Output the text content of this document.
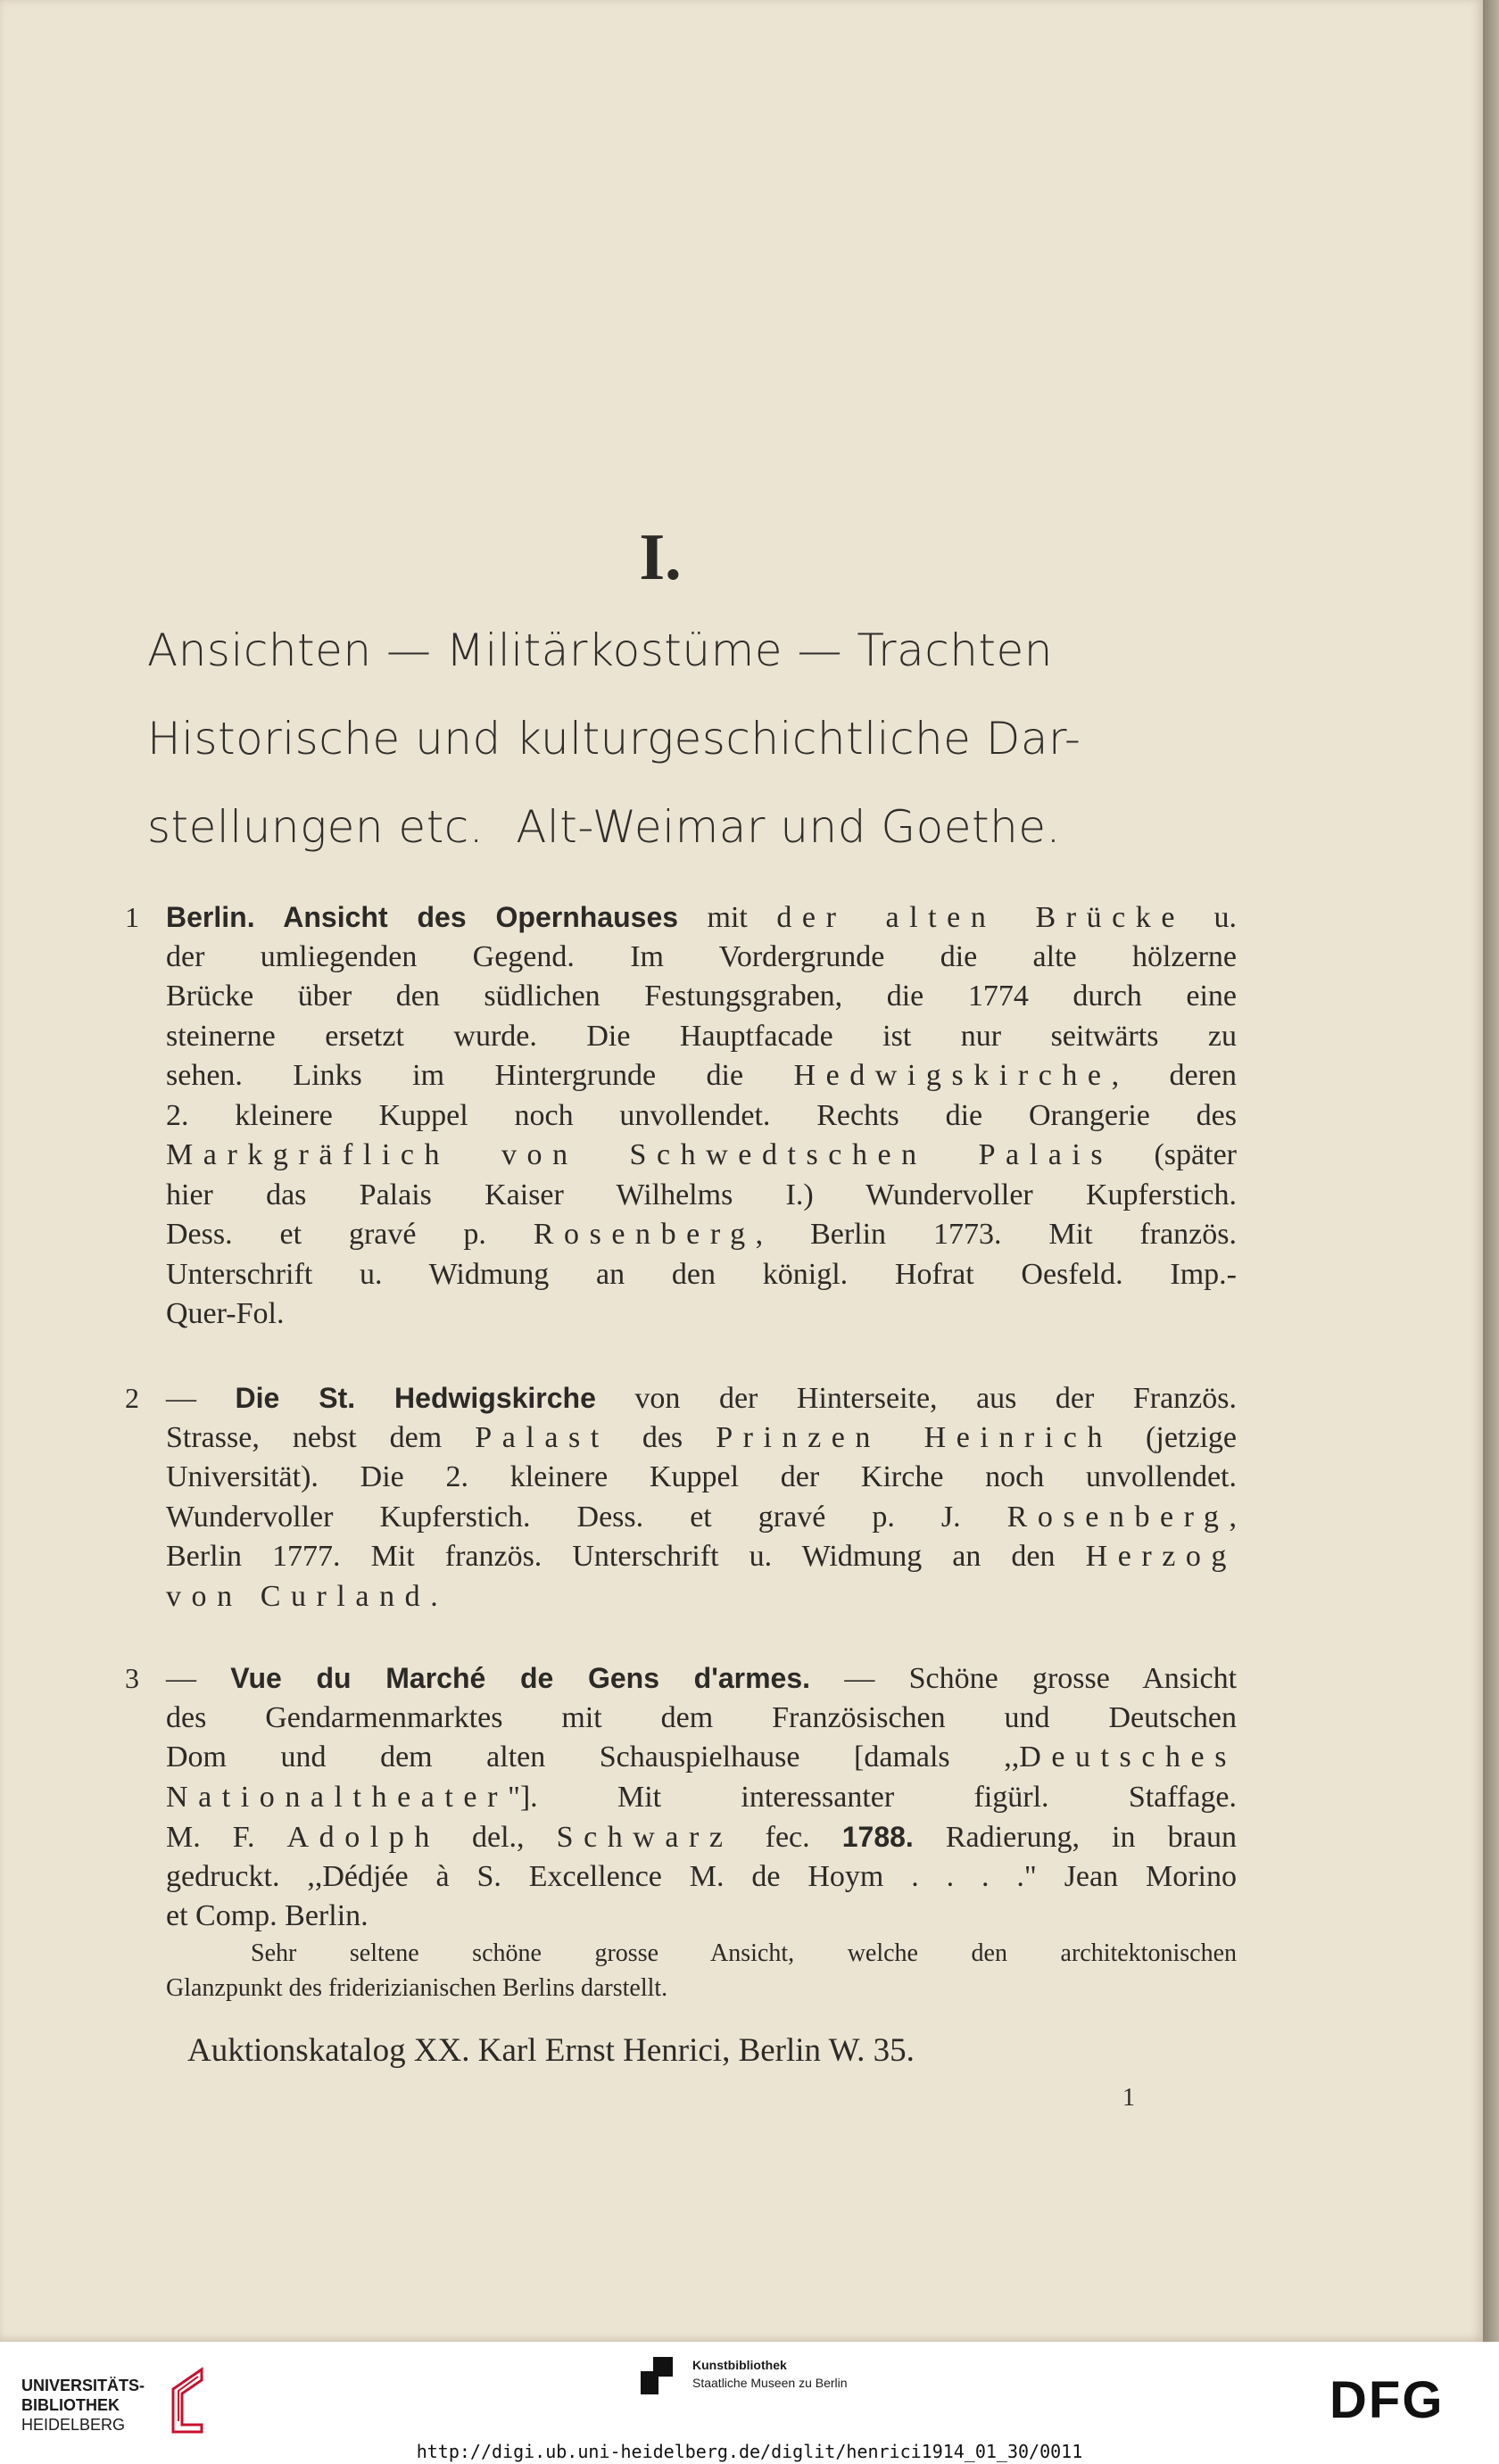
I.
Ansichten — Militärkostüme — Trachten
Historische und kulturgeschichtliche Dar-
stellungen etc. Alt-Weimar und Goethe.
1 Berlin. Ansicht des Opernhauses mit der alten Brücke u.
der umliegenden Gegend. Im Vordergrunde die alte hölzerne
Brücke über den südlichen Festungsgraben, die 1774 durch eine
steinerne ersetzt wurde. Die Hauptfacade ist nur seitwärts zu
sehen. Links im Hintergrunde die Hedwigskirche, deren
2. kleinere Kuppel noch unvollendet. Rechts die Orangerie des
Markgräflich von Schwedtschen Palais (später
hier das Palais Kaiser Wilhelms I.) Wundervoller Kupferstich.
Dess. et gravé p. Rosenberg, Berlin 1773. Mit französ.
Unterschrift u. Widmung an den königl. Hofrat Oesfeld. Imp.-
Quer-Fol.
2 — Die St. Hedwigskirche von der Hinterseite, aus der Französ.
Strasse, nebst dem Palast des Prinzen Heinrich (jetzige
Universität). Die 2. kleinere Kuppel der Kirche noch unvollendet.
Wundervoller Kupferstich. Dess. et gravé p. J. Rosenberg,
Berlin 1777. Mit französ. Unterschrift u. Widmung an den Herzog
von Curland.
3 — Vue du Marché de Gens d'armes. — Schöne grosse Ansicht
des Gendarmenmarktes mit dem Französischen und Deutschen
Dom und dem alten Schauspielhause [damals ,,Deutsches
Nationaltheater"]. Mit interessanter figürl. Staffage.
M. F. Adolph del., Schwarz fec. 1788. Radierung, in braun
gedruckt. ,,Dédjée à S. Excellence M. de Hoym . . . ." Jean Morino
et Comp. Berlin.
Sehr seltene schöne grosse Ansicht, welche den architektonischen
Glanzpunkt des friderizianischen Berlins darstellt.
Auktionskatalog XX. Karl Ernst Henrici, Berlin W. 35.
1
UNIVERSITÄTS-
BIBLIOTHEK
HEIDELBERG
Kunstbibliothek
Staatliche Museen zu Berlin	DFG
http://digi.ub.uni-heidelberg.de/diglit/henrici1914_01_30/0011
